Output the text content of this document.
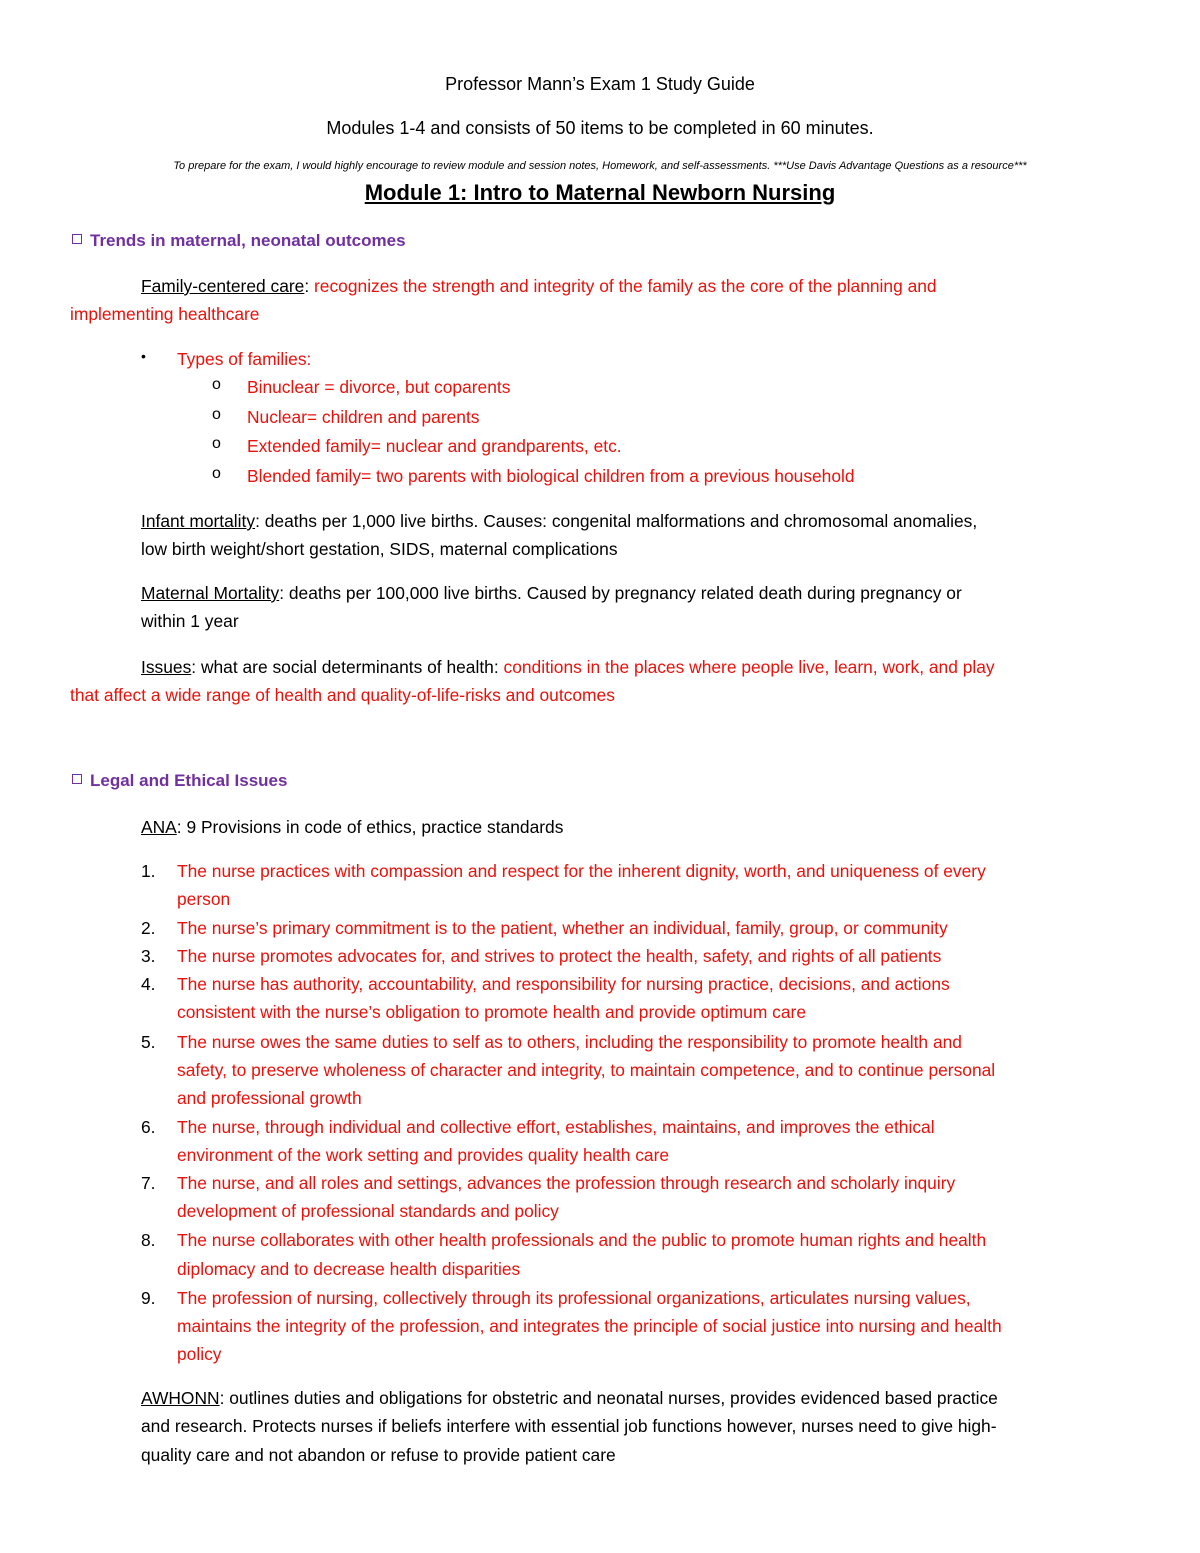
Professor Mann’s Exam 1 Study Guide
Modules 1-4 and consists of 50 items to be completed in 60 minutes.
To prepare for the exam, I would highly encourage to review module and session notes, Homework, and self-assessments. ***Use Davis Advantage Questions as a resource***
Module 1: Intro to Maternal Newborn Nursing
Trends in maternal, neonatal outcomes
Family-centered care: recognizes the strength and integrity of the family as the core of the planning and
implementing healthcare
• Types of families:
o Binuclear = divorce, but coparents
o Nuclear= children and parents
o Extended family= nuclear and grandparents, etc.
o Blended family= two parents with biological children from a previous household
Infant mortality: deaths per 1,000 live births. Causes: congenital malformations and chromosomal anomalies,
low birth weight/short gestation, SIDS, maternal complications
Maternal Mortality: deaths per 100,000 live births. Caused by pregnancy related death during pregnancy or
within 1 year
Issues: what are social determinants of health: conditions in the places where people live, learn, work, and play
that affect a wide range of health and quality-of-life-risks and outcomes
Legal and Ethical Issues
ANA: 9 Provisions in code of ethics, practice standards
1. The nurse practices with compassion and respect for the inherent dignity, worth, and uniqueness of every
person
2. The nurse’s primary commitment is to the patient, whether an individual, family, group, or community
3. The nurse promotes advocates for, and strives to protect the health, safety, and rights of all patients
4. The nurse has authority, accountability, and responsibility for nursing practice, decisions, and actions
consistent with the nurse’s obligation to promote health and provide optimum care
5. The nurse owes the same duties to self as to others, including the responsibility to promote health and
safety, to preserve wholeness of character and integrity, to maintain competence, and to continue personal
and professional growth
6. The nurse, through individual and collective effort, establishes, maintains, and improves the ethical
environment of the work setting and provides quality health care
7. The nurse, and all roles and settings, advances the profession through research and scholarly inquiry
development of professional standards and policy
8. The nurse collaborates with other health professionals and the public to promote human rights and health
diplomacy and to decrease health disparities
9. The profession of nursing, collectively through its professional organizations, articulates nursing values,
maintains the integrity of the profession, and integrates the principle of social justice into nursing and health
policy
AWHONN: outlines duties and obligations for obstetric and neonatal nurses, provides evidenced based practice
and research. Protects nurses if beliefs interfere with essential job functions however, nurses need to give high-
quality care and not abandon or refuse to provide patient care
